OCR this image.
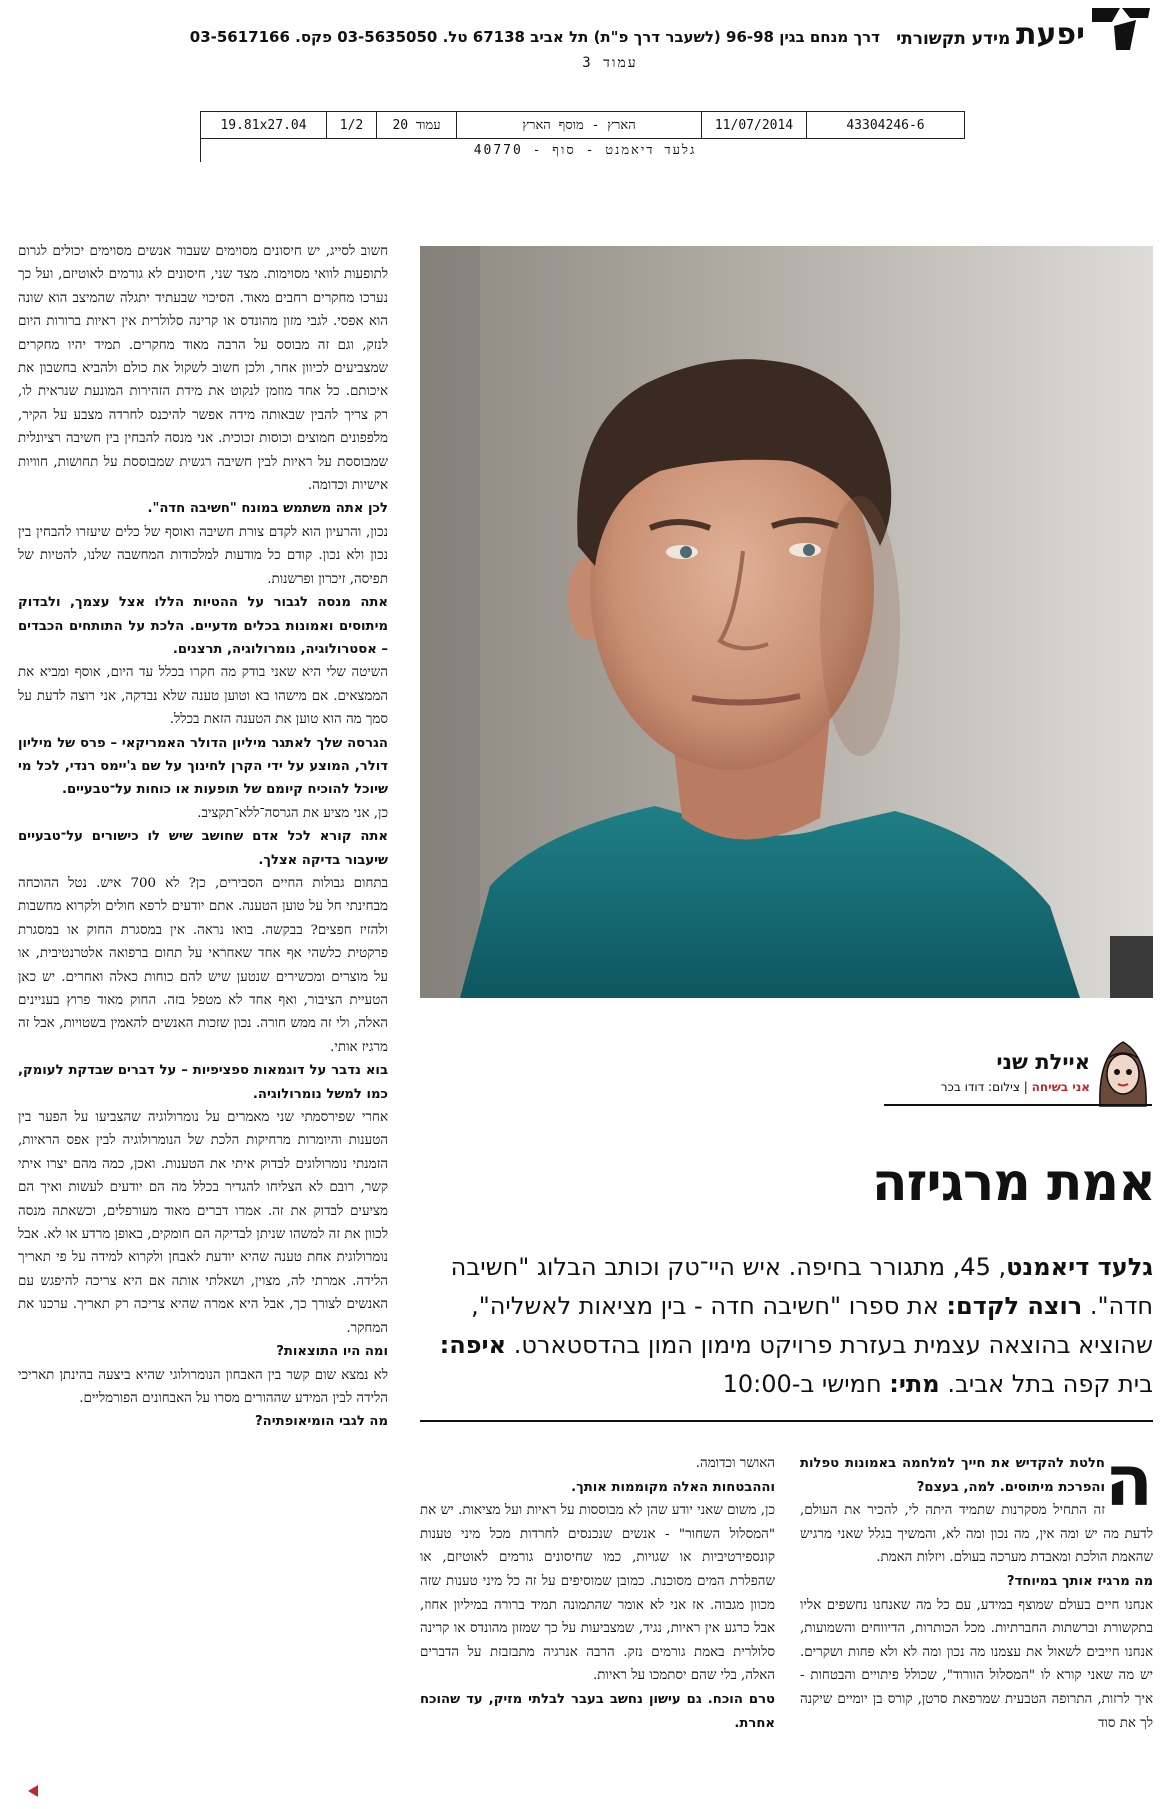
יפעת מידע תקשורתי
דרך מנחם בגין 96-98 (לשעבר דרך פ"ת) תל אביב 67138 טל. 03-5635050 פקס. 03-5617166
עמוד 3
19.81x27.04	1/2	עמוד 20	הארץ - מוסף הארץ	11/07/2014	43304246-6
גלעד דיאמנט - סוף - 40770

חשוב לסייג, יש חיסונים מסוימים שעבור אנשים מסוימים יכולים לגרום לתופעות לוואי מסוימות. מצד שני, חיסונים לא גורמים לאוטיזם, ועל כך נערכו מחקרים רחבים מאוד. הסיכוי שבעתיד יתגלה שהמיצב הוא שונה הוא אפסי. לגבי מזון מהונדס או קרינה סלולרית אין ראיות ברורות היום לנזק, וגם זה מבוסס על הרבה מאוד מחקרים. תמיד יהיו מחקרים שמצביעים לכיוון אחר, ולכן חשוב לשקול את כולם ולהביא בחשבון את איכותם. כל אחד מוזמן לנקוט את מידת הזהירות המונעת שנראית לו, רק צריך להבין שבאותה מידה אפשר להיכנס לחרדה מצבע על הקיר, מלפפונים חמוצים וכוסות זכוכית. אני מנסה להבחין בין חשיבה רציונלית שמבוססת על ראיות לבין חשיבה רגשית שמבוססת על תחושות, חוויות אישיות וכדומה.

לכן אתה משתמש במונח "חשיבה חדה".

נכון, והרעיון הוא לקדם צורת חשיבה ואוסף של כלים שיעזרו להבחין בין נכון ולא נכון. קודם כל מודעות למלכודות המחשבה שלנו, להטיות של תפיסה, זיכרון ופרשנות.

אתה מנסה לגבור על ההטיות הללו אצל עצמך, ולבדוק מיתוסים ואמונות בכלים מדעיים. הלכת על התותחים הכבדים – אסטרולוגיה, נומרולוגיה, תרצנים.

השיטה שלי היא שאני בודק מה חקרו בכלל עד היום, אוסף ומביא את הממצאים. אם מישהו בא וטוען טענה שלא נבדקה, אני רוצה לדעת על סמך מה הוא טוען את הטענה הזאת בכלל.

הגרסה שלך לאתגר מיליון הדולר האמריקאי – פרס של מיליון דולר, המוצע על ידי הקרן לחינוך על שם ג'יימס רנדי, לכל מי שיוכל להוכיח קיומם של תופעות או כוחות על־טבעיים.

כן, אני מציע את הגרסה־ללא־תקציב.

אתה קורא לכל אדם שחושב שיש לו כישורים על־טבעיים שיעבור בדיקה אצלך.

בתחום גבולות החיים הסבירים, כן? לא 700 איש. נטל ההוכחה מבחינתי חל על טוען הטענה. אתם יודעים לרפא חולים ולקרוא מחשבות ולהזיז חפצים? בבקשה. בואו נראה. אין במסגרת החוק או במסגרת פרקטית כלשהי אף אחד שאחראי על תחום ברפואה אלטרנטיבית, או על מוצרים ומכשירים שנטען שיש להם כוחות כאלה ואחרים. יש כאן הטעיית הציבור, ואף אחד לא מטפל בזה. החוק מאוד פרוץ בעניינים האלה, ולי זה ממש חורה. נכון שזכות האנשים להאמין בשטויות, אבל זה מרגיז אותי.

בוא נדבר על דוגמאות ספציפיות – על דברים שבדקת לעומק, כמו למשל נומרולוגיה.

אחרי שפירסמתי שני מאמרים על נומרולוגיה שהצביעו על הפער בין הטענות והיומרות מרחיקות הלכת של הנומרולוגיה לבין אפס הראיות, הזמנתי נומרולוגים לבדוק איתי את הטענות. ואכן, כמה מהם יצרו איתי קשר, רובם לא הצליחו להגדיר בכלל מה הם יודעים לעשות ואיך הם מציעים לבדוק את זה. אמרו דברים מאוד מעורפלים, וכשאתה מנסה לכוון את זה למשהו שניתן לבדיקה הם חומקים, באופן מרדע או לא. אבל נומרולוגית אחת טענה שהיא יודעת לאבחן ולקרוא למידה על פי תאריך הלידה. אמרתי לה, מצוין, ושאלתי אותה אם היא צריכה להיפגש עם האנשים לצורך כך, אבל היא אמרה שהיא צריכה רק תאריך. ערכנו את המחקר.

ומה היו התוצאות?

לא נמצא שום קשר בין האבחון הנומרולוגי שהיא ביצעה בהינתן תאריכי הלידה לבין המידע שההורים מסרו על האבחונים הפורמליים.

מה לגבי הומיאופתיה?

איילת שני
אני בשיחה | צילום: דודו בכר
אמת מרגיזה
גלעד דיאמנט, 45, מתגורר בחיפה. איש היי־טק וכותב הבלוג "חשיבה חדה". רוצה לקדם: את ספרו "חשיבה חדה - בין מציאות לאשליה", שהוציא בהוצאה עצמית בעזרת פרויקט מימון המון בהדסטארט. איפה: בית קפה בתל אביב. מתי: חמישי ב-10:00
ה

חלטת להקדיש את חייך למלחמה באמונות טפלות והפרכת מיתוסים. למה, בעצם?

זה התחיל מסקרנות שתמיד היתה לי, להכיר את העולם, לדעת מה יש ומה אין, מה נכון ומה לא, והמשיך בגלל שאני מרגיש שהאמת הולכת ומאבדת מערכה בעולם. ויזלות האמת.

מה מרגיז אותך במיוחד?

אנחנו חיים בעולם שמוצף במידע, עם כל מה שאנחנו נחשפים אליו בתקשורת וברשתות החברתיות. מכל הכותרות, הדיווחים והשמועות, אנחנו חייבים לשאול את עצמנו מה נכון ומה לא ולא פחות ושקרים. יש מה שאני קורא לו "המסלול הוורוד", שכולל פיתויים והבטחות - איך לרזות, התרופה הטבעית שמרפאת סרטן, קורס בן יומיים שיקנה לך את סוד

האושר וכדומה.

וההבטחות האלה מקוממות אותך.

כן, משום שאני יודע שהן לא מבוססות על ראיות ועל מציאות. יש את "המסלול השחור" - אנשים שנכנסים לחרדות מכל מיני טענות קונספירטיביות או שגויות, כמו שחיסונים גורמים לאוטיזם, או שהפלרת המים מסוכנת. כמובן שמוסיפים על זה כל מיני טענות שזה מכוון מגבוה. אז אני לא אומר שהתמונה תמיד ברורה במיליון אחוז, אבל כרגע אין ראיות, נגיד, שמצביעות על כך שמזון מהונדס או קרינה סלולרית באמת גורמים נזק. הרבה אנרגיה מתבזבזת על הדברים האלה, בלי שהם יסתמכו על ראיות.

טרם הוכח. גם עישון נחשב בעבר לבלתי מזיק, עד שהוכח אחרת.
